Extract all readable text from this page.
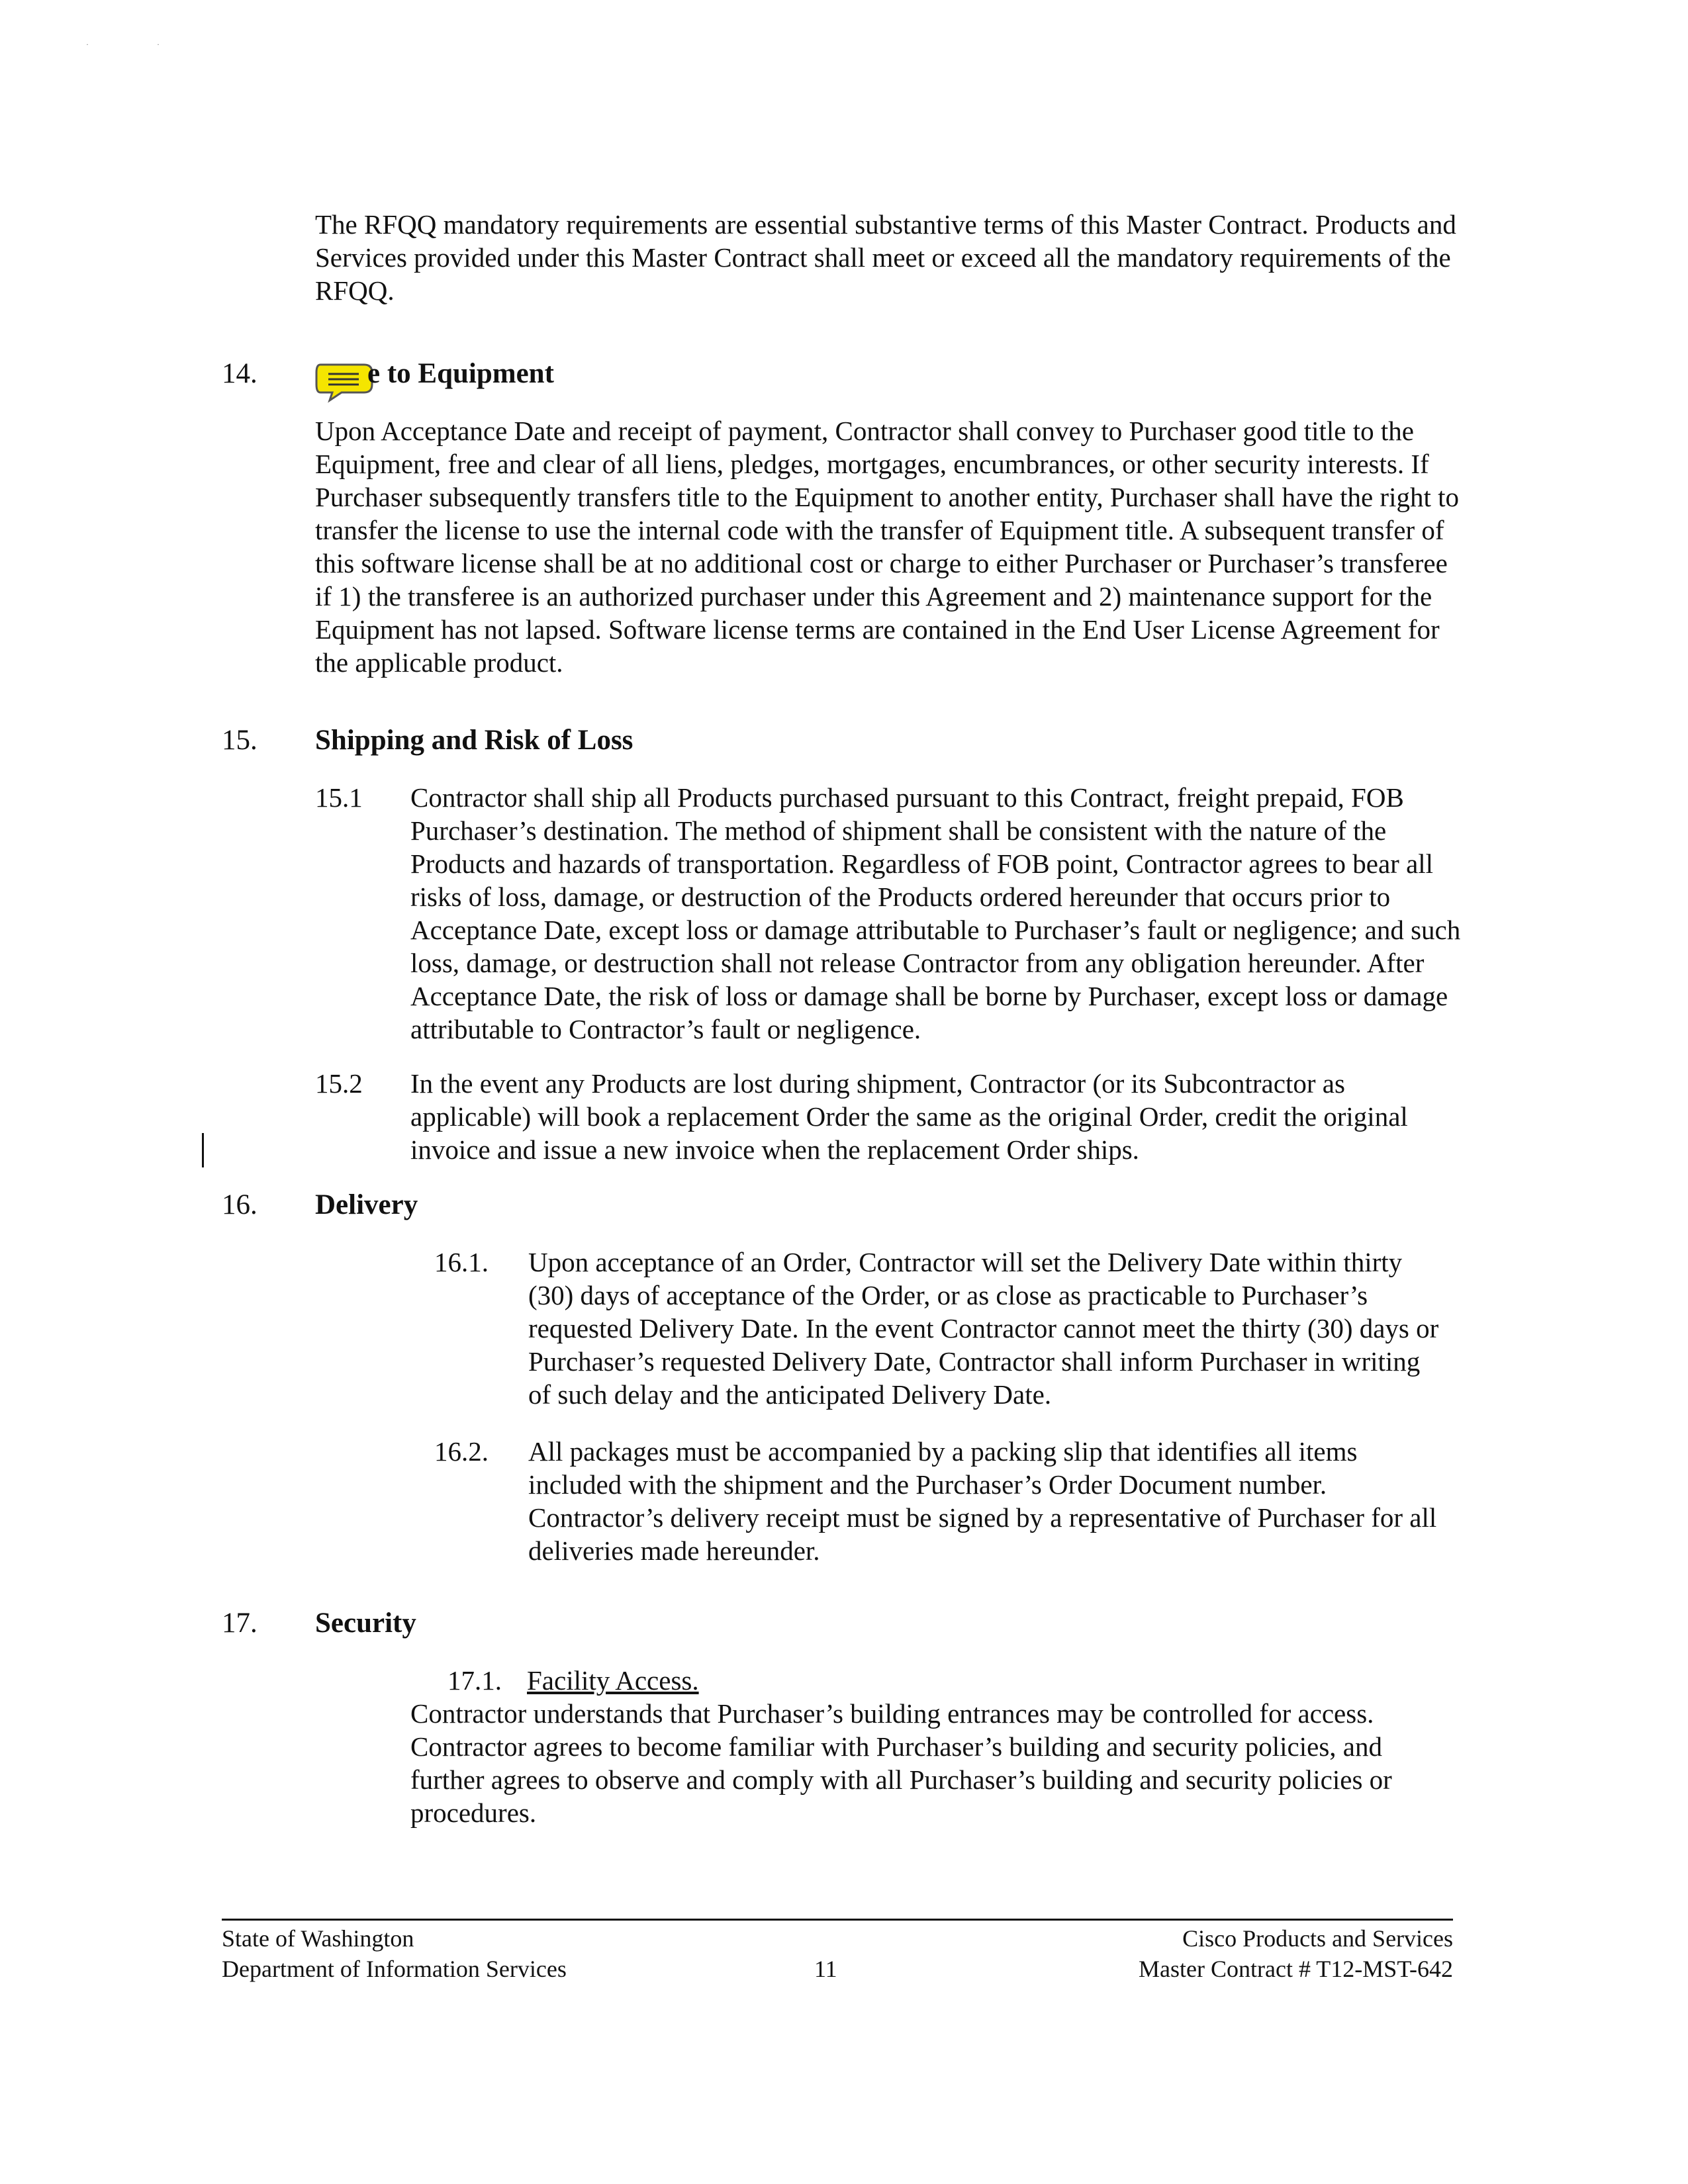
· ·

The RFQQ mandatory requirements are essential substantive terms of this Master Contract. Products and Services provided under this Master Contract shall meet or exceed all the mandatory requirements of the RFQQ.

14.	e to Equipment

Upon Acceptance Date and receipt of payment, Contractor shall convey to Purchaser good title to the Equipment, free and clear of all liens, pledges, mortgages, encumbrances, or other security interests. If Purchaser subsequently transfers title to the Equipment to another entity, Purchaser shall have the right to transfer the license to use the internal code with the transfer of Equipment title. A subsequent transfer of this software license shall be at no additional cost or charge to either Purchaser or Purchaser’s transferee if 1) the transferee is an authorized purchaser under this Agreement and 2) maintenance support for the Equipment has not lapsed. Software license terms are contained in the End User License Agreement for the applicable product.

15. Shipping and Risk of Loss
15.1 Contractor shall ship all Products purchased pursuant to this Contract, freight prepaid, FOB Purchaser’s destination. The method of shipment shall be consistent with the nature of the Products and hazards of transportation. Regardless of FOB point, Contractor agrees to bear all risks of loss, damage, or destruction of the Products ordered hereunder that occurs prior to Acceptance Date, except loss or damage attributable to Purchaser’s fault or negligence; and such loss, damage, or destruction shall not release Contractor from any obligation hereunder. After Acceptance Date, the risk of loss or damage shall be borne by Purchaser, except loss or damage attributable to Contractor’s fault or negligence.

15.2 In the event any Products are lost during shipment, Contractor (or its Subcontractor as applicable) will book a replacement Order the same as the original Order, credit the original invoice and issue a new invoice when the replacement Order ships.

16. Delivery
16.1. Upon acceptance of an Order, Contractor will set the Delivery Date within thirty (30) days of acceptance of the Order, or as close as practicable to Purchaser’s requested Delivery Date. In the event Contractor cannot meet the thirty (30) days or Purchaser’s requested Delivery Date, Contractor shall inform Purchaser in writing of such delay and the anticipated Delivery Date.

16.2. All packages must be accompanied by a packing slip that identifies all items included with the shipment and the Purchaser’s Order Document number. Contractor’s delivery receipt must be signed by a representative of Purchaser for all deliveries made hereunder.

17. Security
17.1. Facility Access.

Contractor understands that Purchaser’s building entrances may be controlled for access. Contractor agrees to become familiar with Purchaser’s building and security policies, and further agrees to observe and comply with all Purchaser’s building and security policies or procedures.

State of Washington
Department of Information Services	11
Cisco Products and Services
Master Contract # T12-MST-642
